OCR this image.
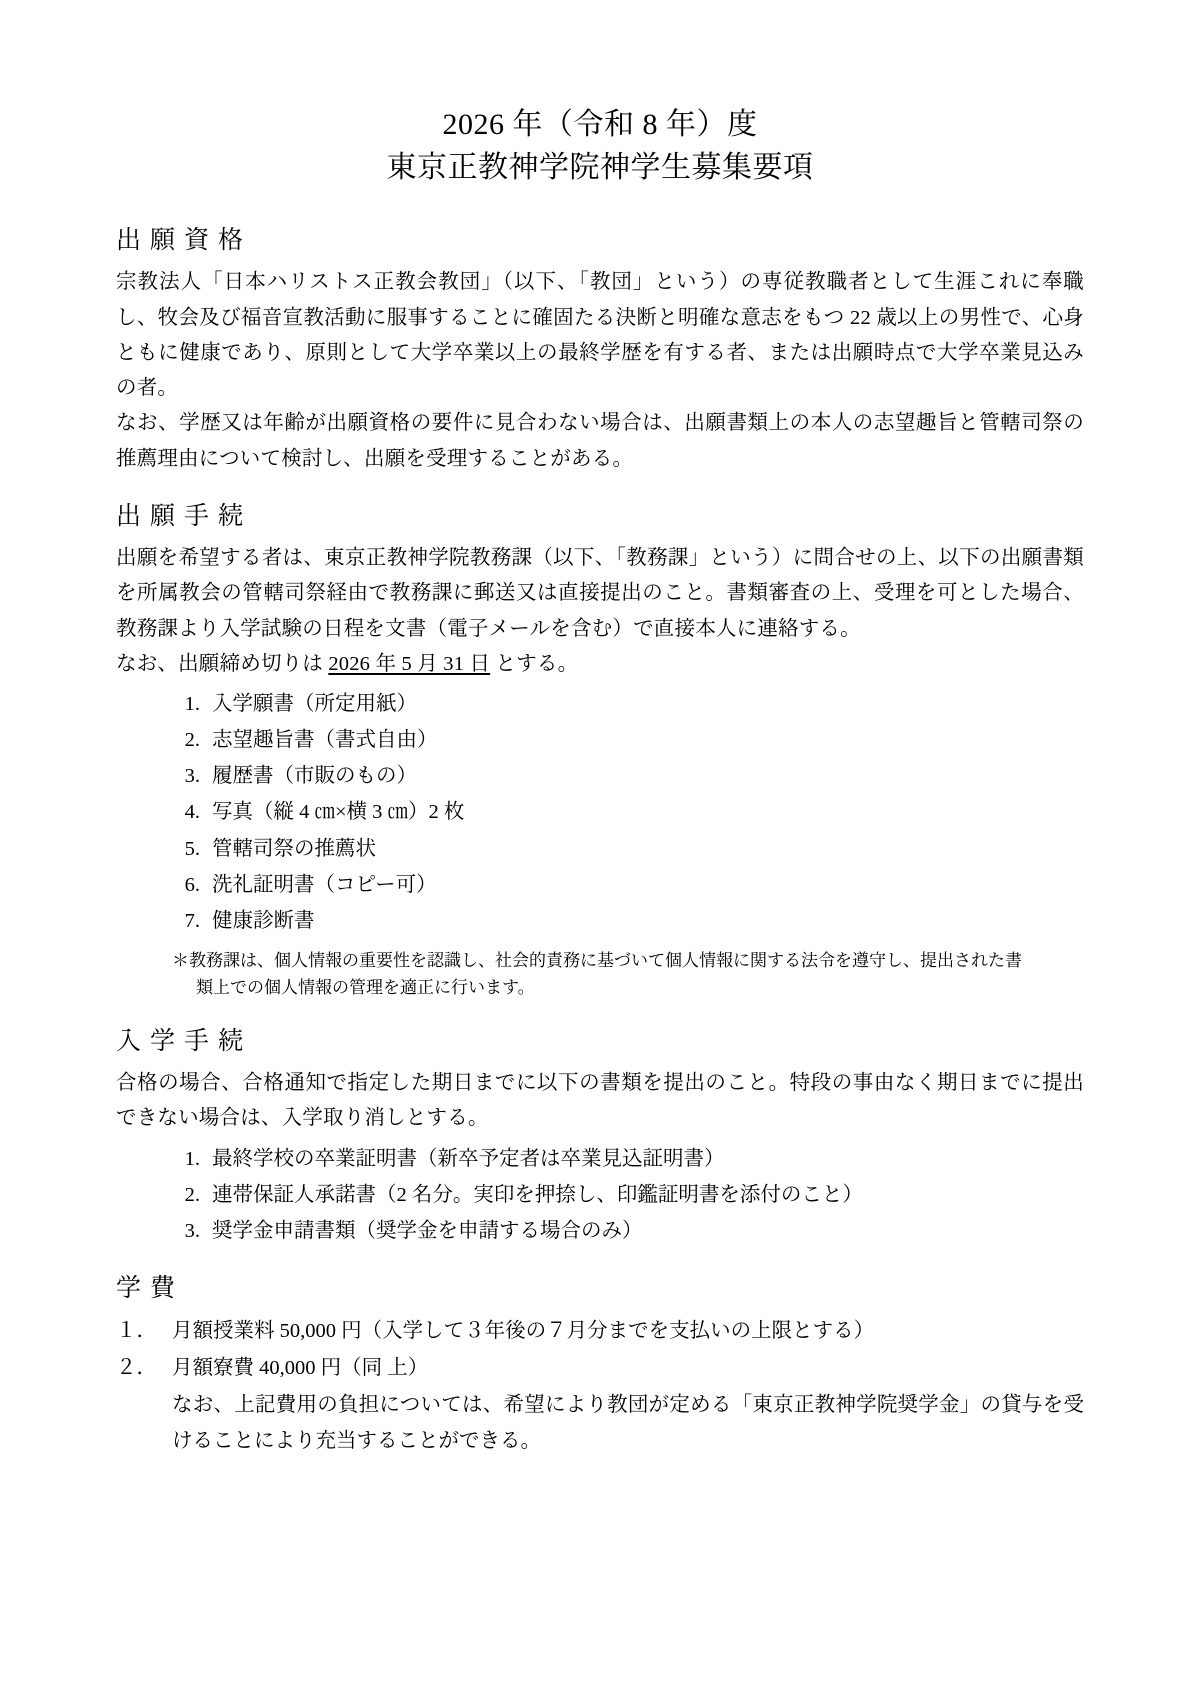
2026 年（令和 8 年）度
東京正教神学院神学生募集要項
出願資格

宗教法人「日本ハリストス正教会教団」（以下、「教団」という）の専従教職者として生涯これに奉職し、牧会及び福音宣教活動に服事することに確固たる決断と明確な意志をもつ 22 歳以上の男性で、心身ともに健康であり、原則として大学卒業以上の最終学歴を有する者、または出願時点で大学卒業見込みの者。

なお、学歴又は年齢が出願資格の要件に見合わない場合は、出願書類上の本人の志望趣旨と管轄司祭の推薦理由について検討し、出願を受理することがある。

出願手続

出願を希望する者は、東京正教神学院教務課（以下、「教務課」という）に問合せの上、以下の出願書類を所属教会の管轄司祭経由で教務課に郵送又は直接提出のこと。書類審査の上、受理を可とした場合、教務課より入学試験の日程を文書（電子メールを含む）で直接本人に連絡する。

なお、出願締め切りは 2026 年 5 月 31 日 とする。

入学願書（所定用紙）
志望趣旨書（書式自由）
履歴書（市販のもの）
写真（縦 4 ㎝×横 3 ㎝）2 枚
管轄司祭の推薦状
洗礼証明書（コピー可）
健康診断書
＊教務課は、個人情報の重要性を認識し、社会的責務に基づいて個人情報に関する法令を遵守し、提出された書
類上での個人情報の管理を適正に行います。
入学手続

合格の場合、合格通知で指定した期日までに以下の書類を提出のこと。特段の事由なく期日までに提出できない場合は、入学取り消しとする。

最終学校の卒業証明書（新卒予定者は卒業見込証明書）
連帯保証人承諾書（2 名分。実印を押捺し、印鑑証明書を添付のこと）
奨学金申請書類（奨学金を申請する場合のみ）
学費
１． 月額授業料 50,000 円（入学して３年後の７月分までを支払いの上限とする）
２． 月額寮費 40,000 円（同 上）

なお、上記費用の負担については、希望により教団が定める「東京正教神学院奨学金」の貸与を受けることにより充当することができる。
